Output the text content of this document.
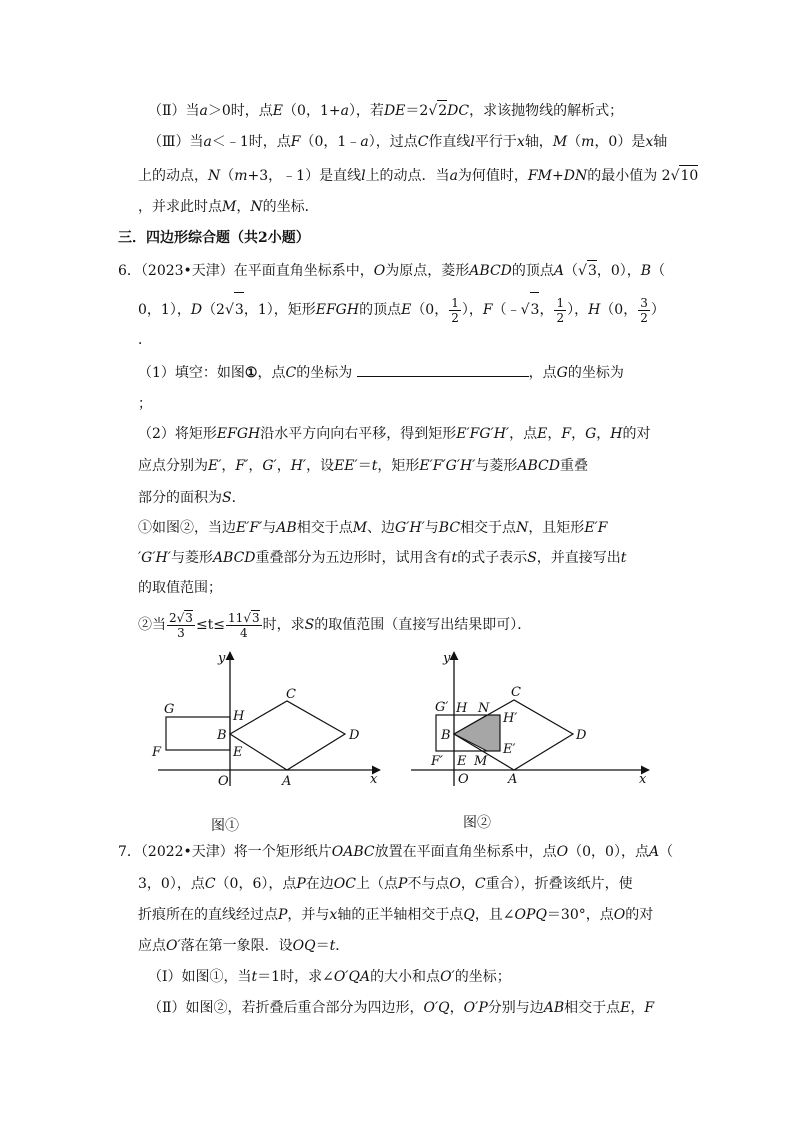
（Ⅱ）当a＞0时，点E（0，1+a），若DE＝2√2DC，求该抛物线的解析式；
（Ⅲ）当a＜﹣1时，点F（0，1﹣a），过点C作直线l平行于x轴，M（m，0）是x轴
上的动点，N（m+3，﹣1）是直线l上的动点．当a为何值时，FM+DN的最小值为 2√10
，并求此时点M，N的坐标．
三．四边形综合题（共2小题）
6．（2023•天津）在平面直角坐标系中，O为原点，菱形ABCD的顶点A（√3，0），B（
0，1），D（2√3，1），矩形EFGH的顶点E（0， $\frac{1}{2}$ ），F（﹣√3， $\frac{1}{2}$ ），H（0， $\frac{3}{2}$ ）
．
（1）填空：如图①，点C的坐标为	，点G的坐标为
；
（2）将矩形EFGH沿水平方向向右平移，得到矩形E′FG′H′，点E，F，G，H的对
应点分别为E′，F′，G′，H′，设EE′＝t，矩形E′F′G′H′与菱形ABCD重叠
部分的面积为S．
①如图②，当边E′F′与AB相交于点M、边G′H′与BC相交于点N，且矩形E′F
′G′H′与菱形ABCD重叠部分为五边形时，试用含有t的式子表示S，并直接写出t
的取值范围；
②当 $\frac{2√3}{3} \le t\le \frac{11√3}{4}$ 时，求S的取值范围（直接写出结果即可）．
y
x
G	H
F
B
E
C
D
O	A
图①
y
x
G′ H N
C
H′
B	D
E′
F′ E M
O	A
图②
7．（2022•天津）将一个矩形纸片OABC放置在平面直角坐标系中，点O（0，0），点A（
3，0），点C（0，6），点P在边OC上（点P不与点O，C重合），折叠该纸片，使
折痕所在的直线经过点P，并与x轴的正半轴相交于点Q，且∠OPQ＝30°，点O的对
应点O′落在第一象限．设OQ＝t．
（Ⅰ）如图①，当t＝1时，求∠O′QA的大小和点O′的坐标；
（Ⅱ）如图②，若折叠后重合部分为四边形，O′Q，O′P分别与边AB相交于点E，F
